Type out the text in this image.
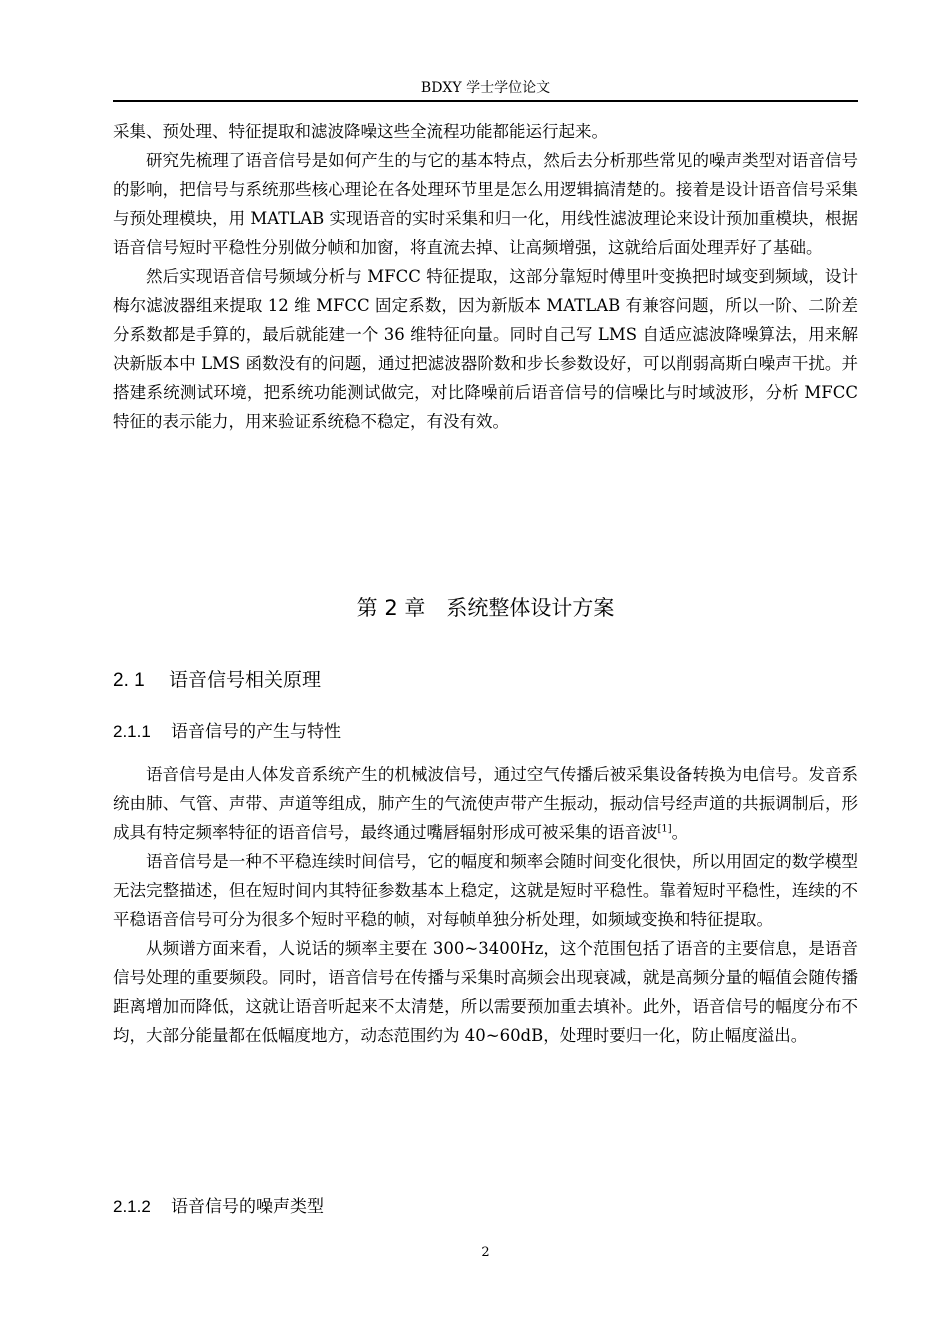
BDXY 学士学位论文

采集、预处理、特征提取和滤波降噪这些全流程功能都能运行起来。

研究先梳理了语音信号是如何产生的与它的基本特点，然后去分析那些常见的噪声类型对语音信号的影响，把信号与系统那些核心理论在各处理环节里是怎么用逻辑搞清楚的。接着是设计语音信号采集与预处理模块，用 MATLAB 实现语音的实时采集和归一化，用线性滤波理论来设计预加重模块，根据语音信号短时平稳性分别做分帧和加窗，将直流去掉、让高频增强，这就给后面处理弄好了基础。

然后实现语音信号频域分析与 MFCC 特征提取，这部分靠短时傅里叶变换把时域变到频域，设计梅尔滤波器组来提取 12 维 MFCC 固定系数，因为新版本 MATLAB 有兼容问题，所以一阶、二阶差分系数都是手算的，最后就能建一个 36 维特征向量。同时自己写 LMS 自适应滤波降噪算法，用来解决新版本中 LMS 函数没有的问题，通过把滤波器阶数和步长参数设好，可以削弱高斯白噪声干扰。并搭建系统测试环境，把系统功能测试做完，对比降噪前后语音信号的信噪比与时域波形，分析 MFCC 特征的表示能力，用来验证系统稳不稳定，有没有效。

第 2 章　 系统整体设计方案
2. 1 语音信号相关原理
2.1.1 语音信号的产生与特性

语音信号是由人体发音系统产生的机械波信号，通过空气传播后被采集设备转换为电信号。发音系统由肺、气管、声带、声道等组成，肺产生的气流使声带产生振动，振动信号经声道的共振调制后，形成具有特定频率特征的语音信号，最终通过嘴唇辐射形成可被采集的语音波[1]。

语音信号是一种不平稳连续时间信号，它的幅度和频率会随时间变化很快，所以用固定的数学模型无法完整描述，但在短时间内其特征参数基本上稳定，这就是短时平稳性。靠着短时平稳性，连续的不平稳语音信号可分为很多个短时平稳的帧，对每帧单独分析处理，如频域变换和特征提取。

从频谱方面来看，人说话的频率主要在 300~3400Hz，这个范围包括了语音的主要信息，是语音信号处理的重要频段。同时，语音信号在传播与采集时高频会出现衰减，就是高频分量的幅值会随传播距离增加而降低，这就让语音听起来不太清楚，所以需要预加重去填补。此外，语音信号的幅度分布不均，大部分能量都在低幅度地方，动态范围约为 40~60dB，处理时要归一化，防止幅度溢出。

2.1.2 语音信号的噪声类型
2
